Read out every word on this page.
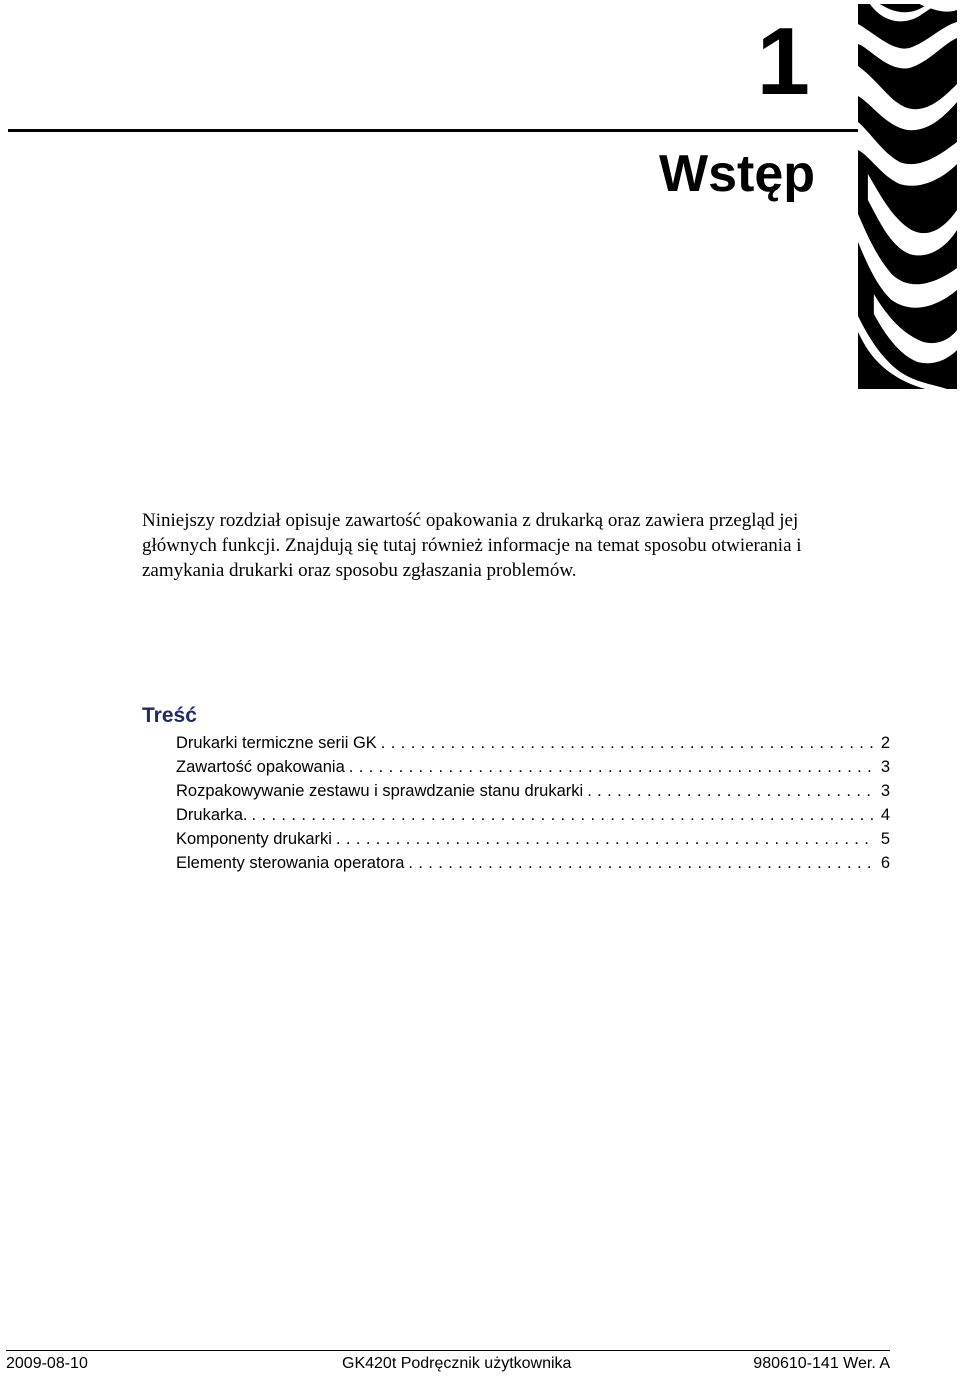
1
Wstęp

Niniejszy rozdział opisuje zawartość opakowania z drukarką oraz zawiera przegląd jej głównych funkcji. Znajdują się tutaj również informacje na temat sposobu otwierania i zamykania drukarki oraz sposobu zgłaszania problemów.

Treść
Drukarki termiczne serii GK . . .	2
Zawartość opakowania . . .	3
Rozpakowywanie zestawu i sprawdzanie stanu drukarki . . .	3
Drukarka. . . .	4
Komponenty drukarki . . .	5
Elementy sterowania operatora . . .	6
2009-08-10	GK420t Podręcznik użytkownika	980610-141 Wer. A
